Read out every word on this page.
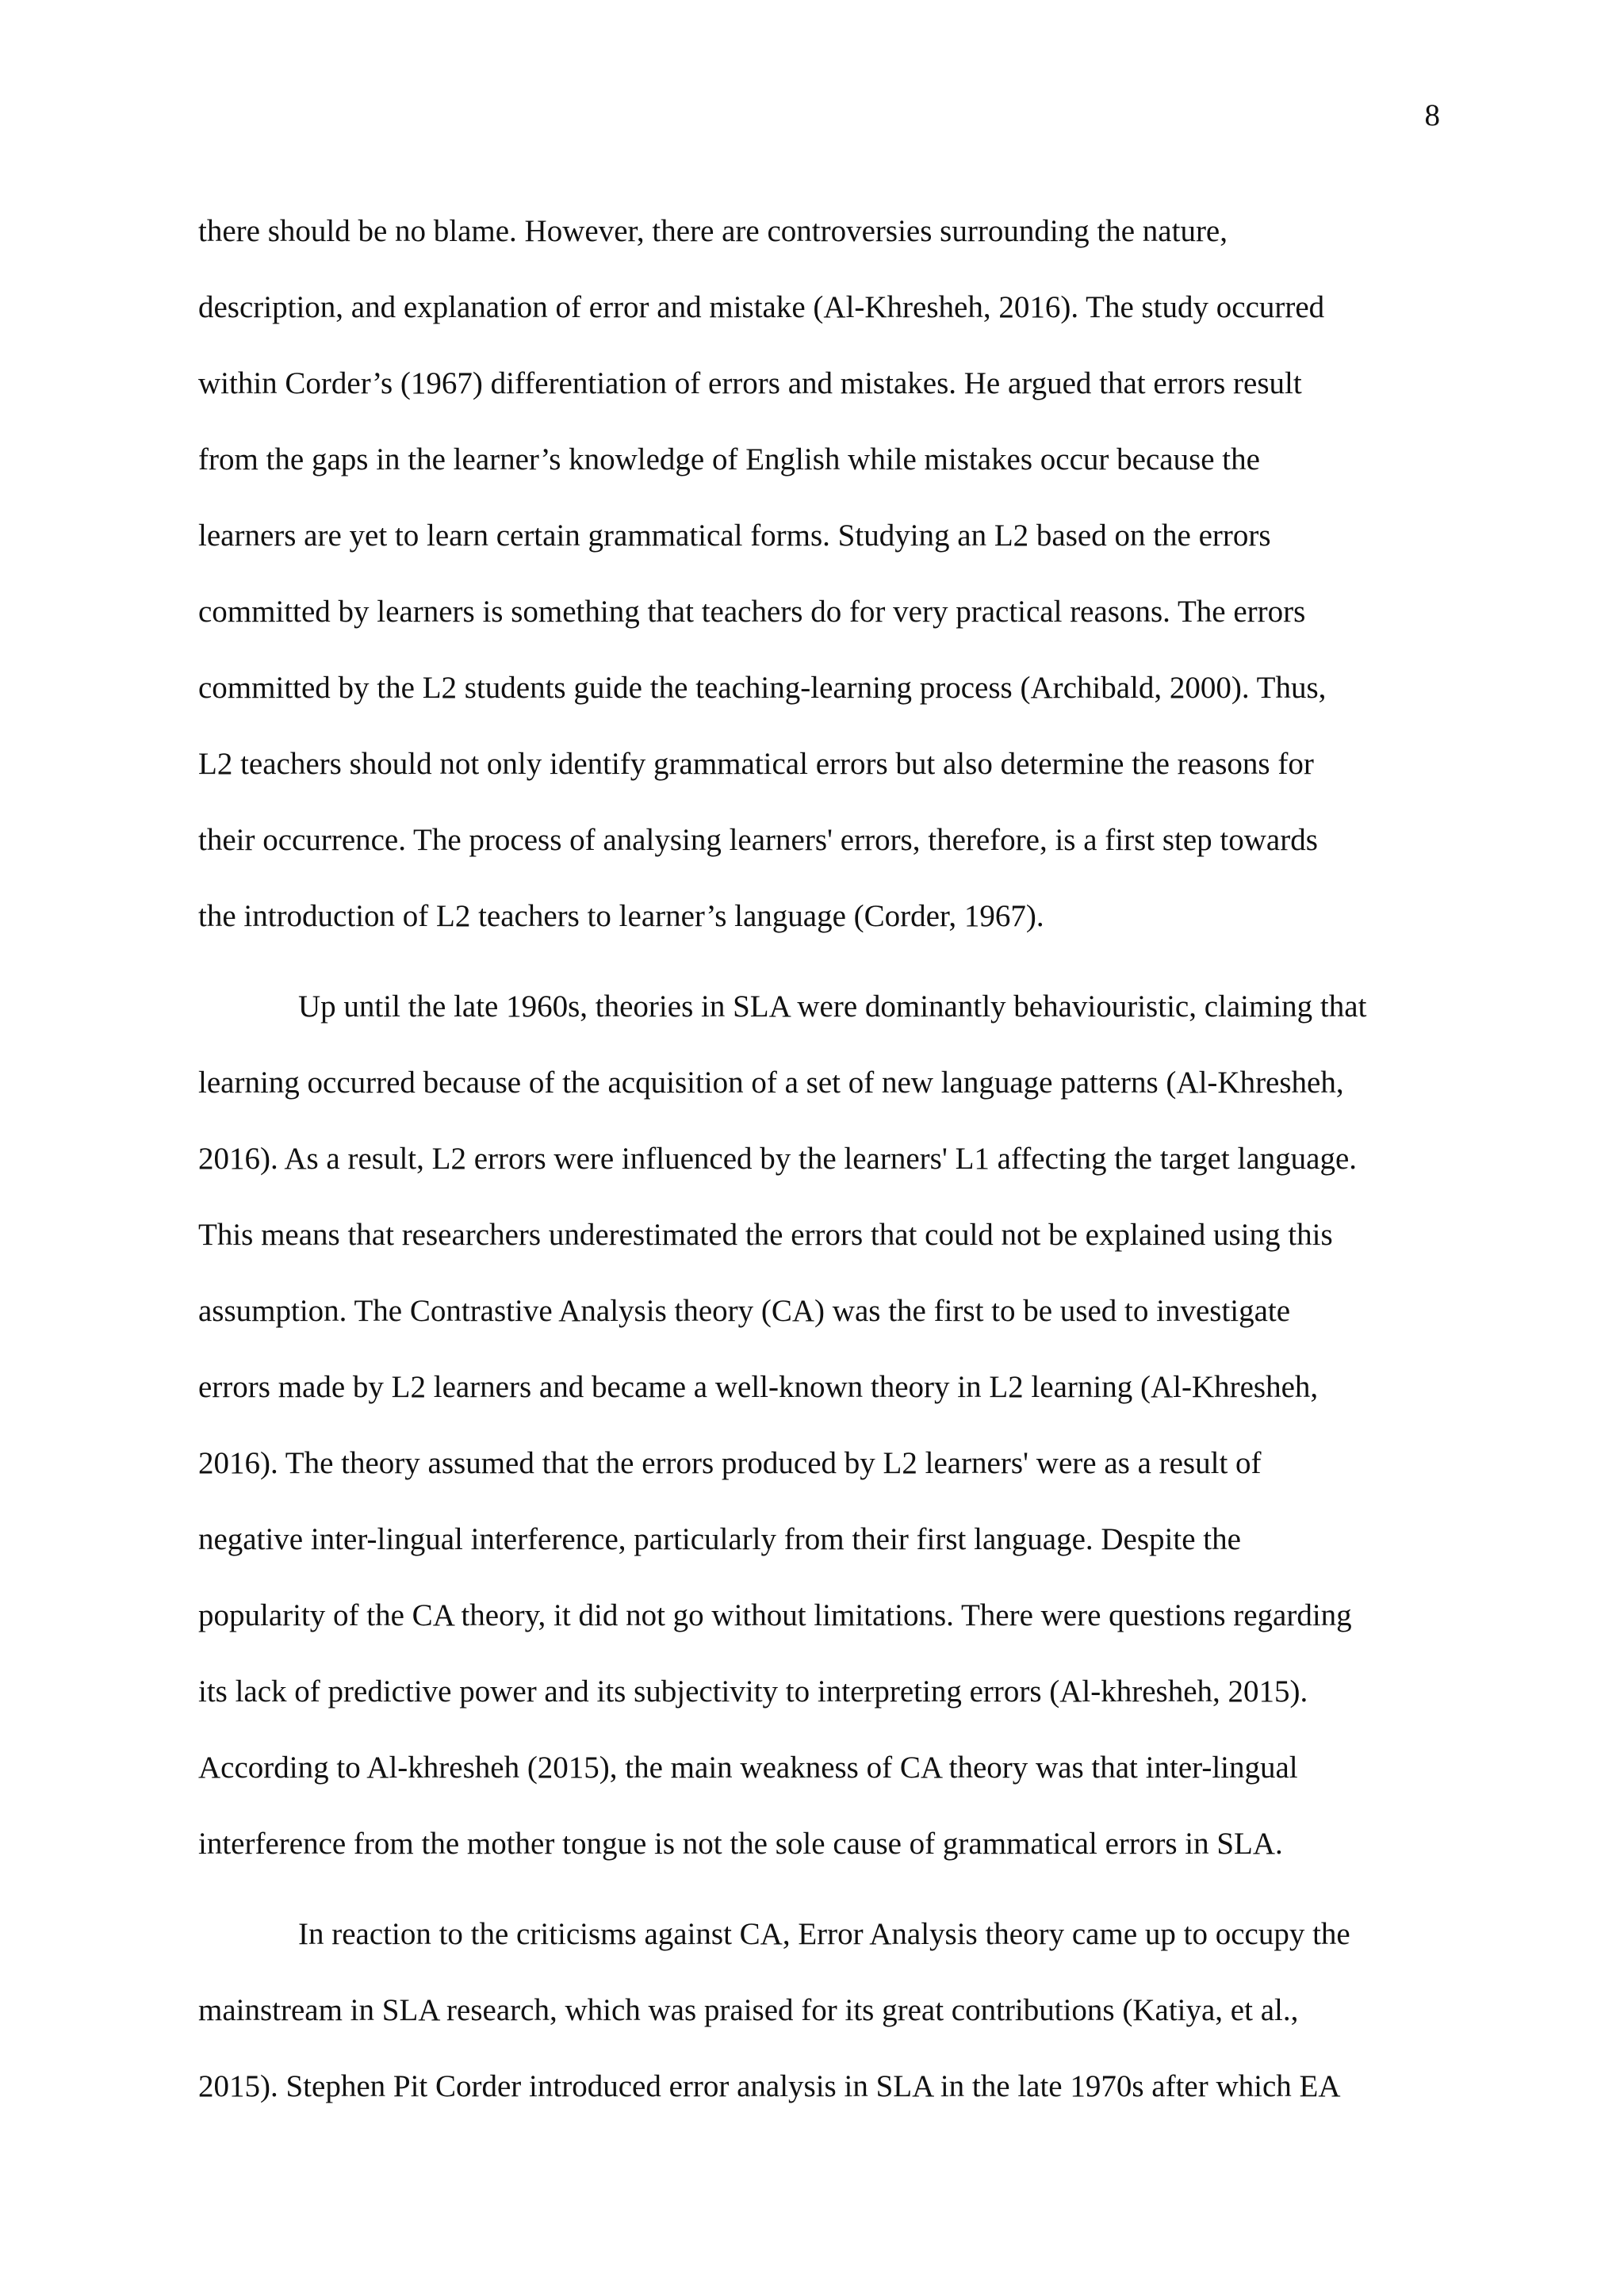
8

there should be no blame. However, there are controversies surrounding the nature,
description, and explanation of error and mistake (Al-Khresheh, 2016). The study occurred
within Corder’s (1967) differentiation of errors and mistakes. He argued that errors result
from the gaps in the learner’s knowledge of English while mistakes occur because the
learners are yet to learn certain grammatical forms. Studying an L2 based on the errors
committed by learners is something that teachers do for very practical reasons. The errors
committed by the L2 students guide the teaching-learning process (Archibald, 2000). Thus,
L2 teachers should not only identify grammatical errors but also determine the reasons for
their occurrence. The process of analysing learners' errors, therefore, is a first step towards
the introduction of L2 teachers to learner’s language (Corder, 1967).

Up until the late 1960s, theories in SLA were dominantly behaviouristic, claiming that
learning occurred because of the acquisition of a set of new language patterns (Al-Khresheh,
2016). As a result, L2 errors were influenced by the learners' L1 affecting the target language.
This means that researchers underestimated the errors that could not be explained using this
assumption. The Contrastive Analysis theory (CA) was the first to be used to investigate
errors made by L2 learners and became a well-known theory in L2 learning (Al-Khresheh,
2016). The theory assumed that the errors produced by L2 learners' were as a result of
negative inter-lingual interference, particularly from their first language. Despite the
popularity of the CA theory, it did not go without limitations. There were questions regarding
its lack of predictive power and its subjectivity to interpreting errors (Al-khresheh, 2015).
According to Al-khresheh (2015), the main weakness of CA theory was that inter-lingual
interference from the mother tongue is not the sole cause of grammatical errors in SLA.

In reaction to the criticisms against CA, Error Analysis theory came up to occupy the
mainstream in SLA research, which was praised for its great contributions (Katiya, et al.,
2015). Stephen Pit Corder introduced error analysis in SLA in the late 1970s after which EA
